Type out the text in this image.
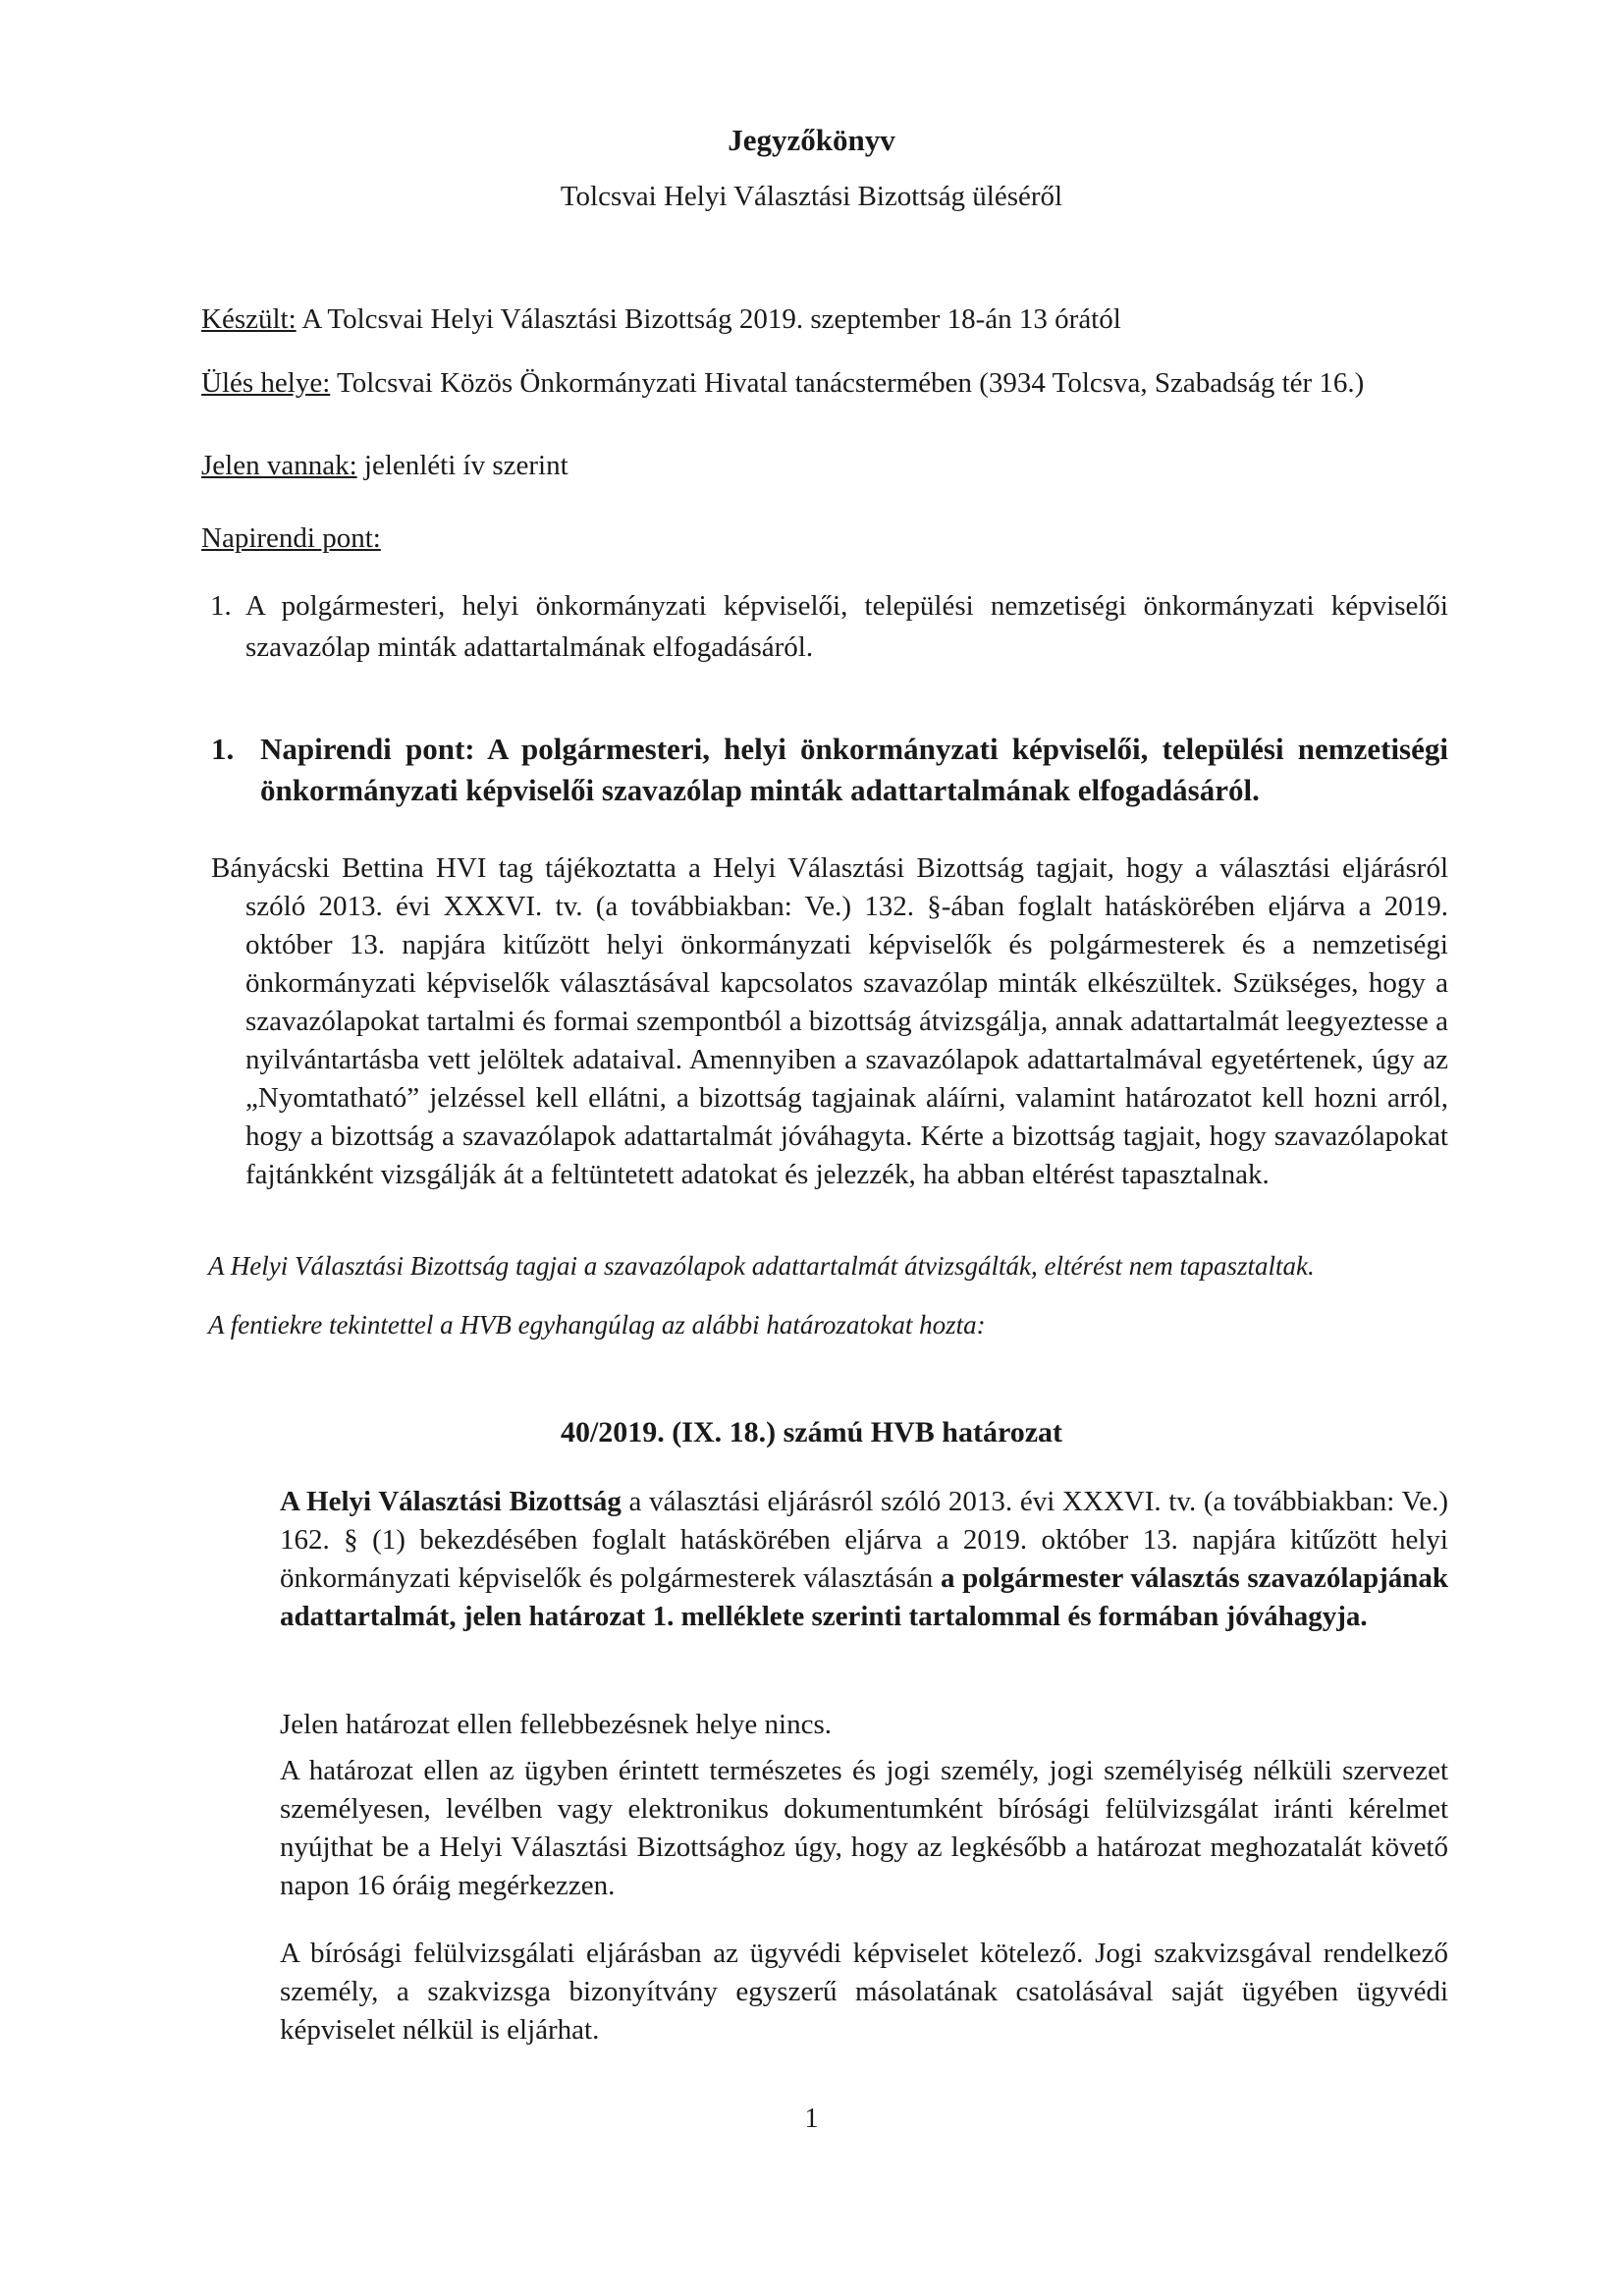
Jegyzőkönyv
Tolcsvai Helyi Választási Bizottság üléséről
Készült: A Tolcsvai Helyi Választási Bizottság 2019. szeptember 18-án 13 órától
Ülés helye: Tolcsvai Közös Önkormányzati Hivatal tanácstermében (3934 Tolcsva, Szabadság tér 16.)
Jelen vannak: jelenléti ív szerint
Napirendi pont:
1. A polgármesteri, helyi önkormányzati képviselői, települési nemzetiségi önkormányzati képviselői szavazólap minták adattartalmának elfogadásáról.
1. Napirendi pont: A polgármesteri, helyi önkormányzati képviselői, települési nemzetiségi önkormányzati képviselői szavazólap minták adattartalmának elfogadásáról.
Bányácski Bettina HVI tag tájékoztatta a Helyi Választási Bizottság tagjait, hogy a választási eljárásról szóló 2013. évi XXXVI. tv. (a továbbiakban: Ve.) 132. §-ában foglalt hatáskörében eljárva a 2019. október 13. napjára kitűzött helyi önkormányzati képviselők és polgármesterek és a nemzetiségi önkormányzati képviselők választásával kapcsolatos szavazólap minták elkészültek. Szükséges, hogy a szavazólapokat tartalmi és formai szempontból a bizottság átvizsgálja, annak adattartalmát leegyeztesse a nyilvántartásba vett jelöltek adataival. Amennyiben a szavazólapok adattartalmával egyetértenek, úgy az „Nyomtatható” jelzéssel kell ellátni, a bizottság tagjainak aláírni, valamint határozatot kell hozni arról, hogy a bizottság a szavazólapok adattartalmát jóváhagyta. Kérte a bizottság tagjait, hogy szavazólapokat fajtánkként vizsgálják át a feltüntetett adatokat és jelezzék, ha abban eltérést tapasztalnak.
A Helyi Választási Bizottság tagjai a szavazólapok adattartalmát átvizsgálták, eltérést nem tapasztaltak.
A fentiekre tekintettel a HVB egyhangúlag az alábbi határozatokat hozta:
40/2019. (IX. 18.) számú HVB határozat
A Helyi Választási Bizottság a választási eljárásról szóló 2013. évi XXXVI. tv. (a továbbiakban: Ve.) 162. § (1) bekezdésében foglalt hatáskörében eljárva a 2019. október 13. napjára kitűzött helyi önkormányzati képviselők és polgármesterek választásán a polgármester választás szavazólapjának adattartalmát, jelen határozat 1. melléklete szerinti tartalommal és formában jóváhagyja.
Jelen határozat ellen fellebbezésnek helye nincs.
A határozat ellen az ügyben érintett természetes és jogi személy, jogi személyiség nélküli szervezet személyesen, levélben vagy elektronikus dokumentumként bírósági felülvizsgálat iránti kérelmet nyújthat be a Helyi Választási Bizottsághoz úgy, hogy az legkésőbb a határozat meghozatalát követő napon 16 óráig megérkezzen.
A bírósági felülvizsgálati eljárásban az ügyvédi képviselet kötelező. Jogi szakvizsgával rendelkező személy, a szakvizsga bizonyítvány egyszerű másolatának csatolásával saját ügyében ügyvédi képviselet nélkül is eljárhat.
1
